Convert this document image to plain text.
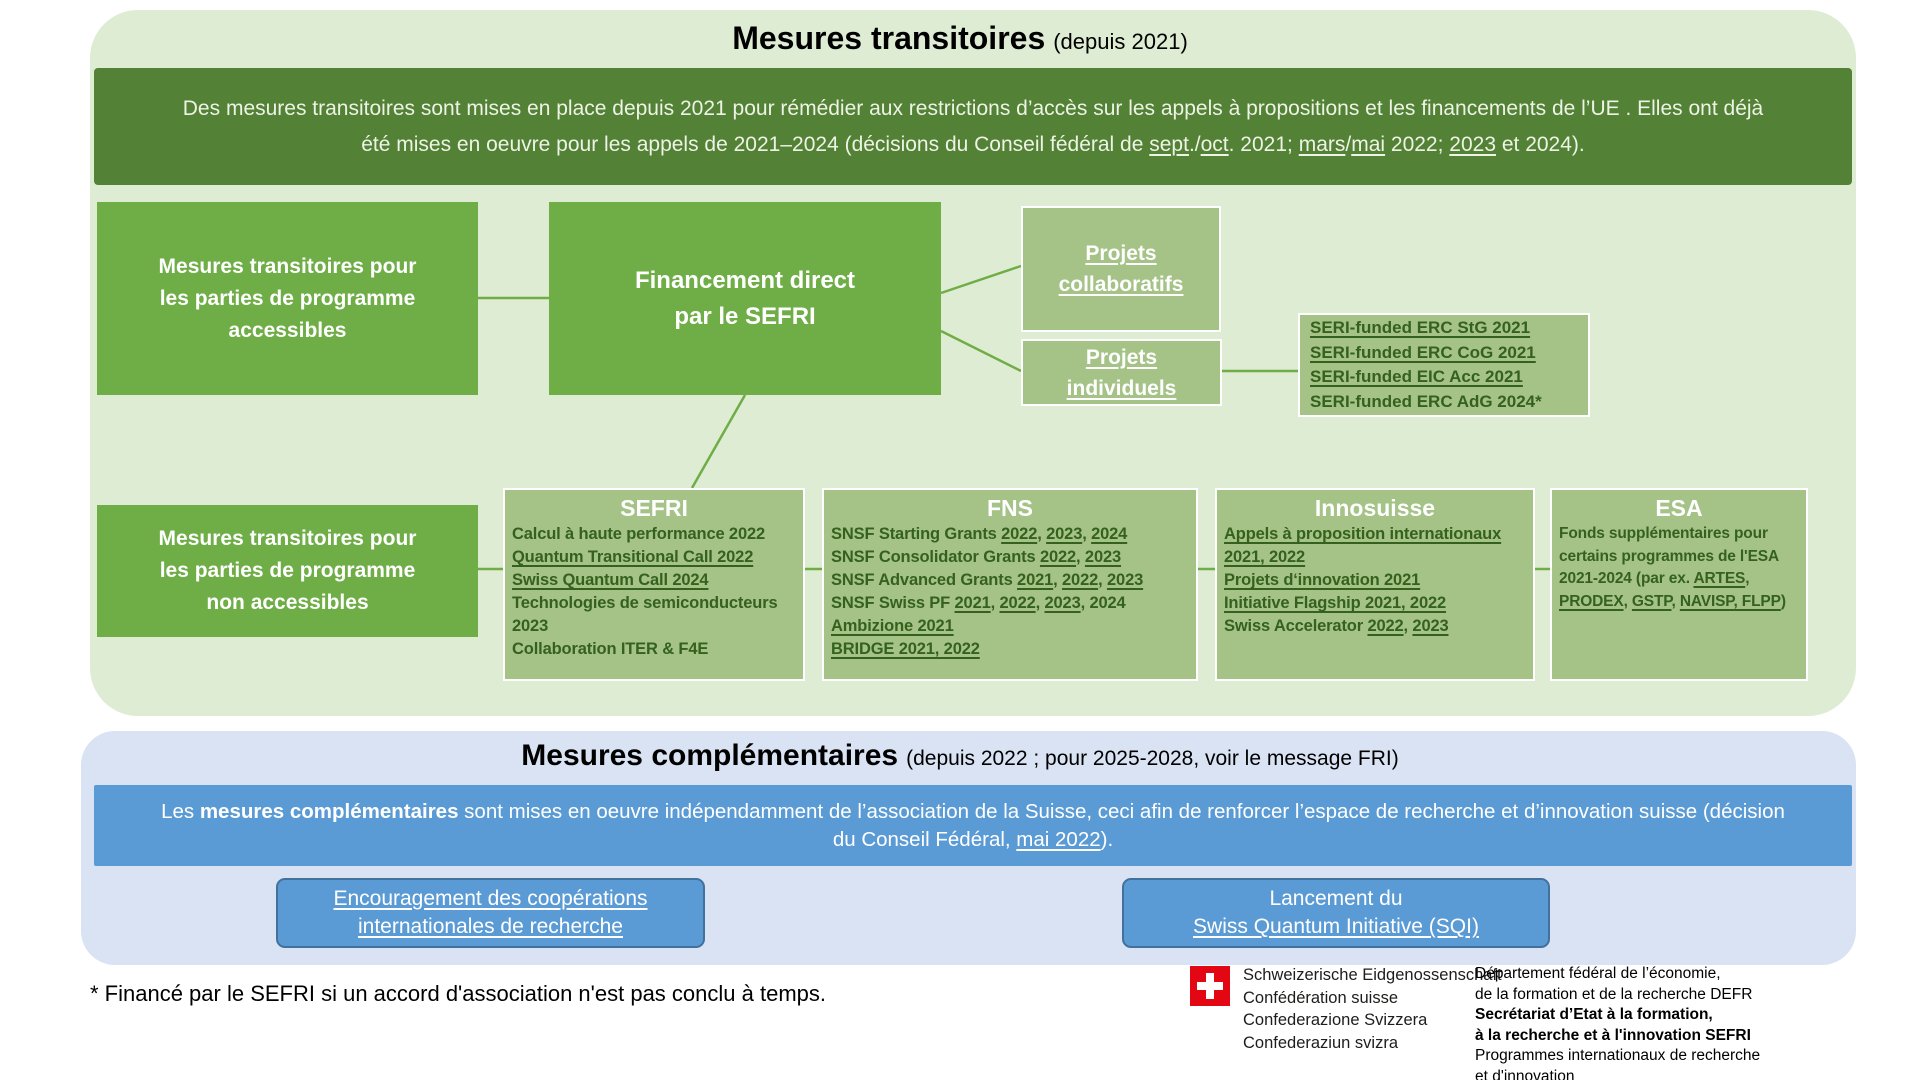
Mesures transitoires (depuis 2021)
Des mesures transitoires sont mises en place depuis 2021 pour rémédier aux restrictions d’accès sur les appels à propositions et les financements de l’UE . Elles ont déjà été mises en oeuvre pour les appels de 2021–2024 (décisions du Conseil fédéral de sept./oct. 2021; mars/mai 2022; 2023 et 2024).
Mesures transitoires pour
les parties de programme
accessibles
Financement direct
par le SEFRI
Mesures transitoires pour
les parties de programme
non accessibles
Projets
collaboratifs
Projets
individuels
SERI-funded ERC StG 2021
SERI-funded ERC CoG 2021
SERI-funded EIC Acc 2021
SERI-funded ERC AdG 2024*
SEFRI
Calcul à haute performance 2022
Quantum Transitional Call 2022
Swiss Quantum Call 2024
Technologies de semiconducteurs 2023
Collaboration ITER & F4E
FNS
SNSF Starting Grants 2022, 2023, 2024
SNSF Consolidator Grants 2022, 2023
SNSF Advanced Grants 2021, 2022, 2023
SNSF Swiss PF 2021, 2022, 2023, 2024
Ambizione 2021
BRIDGE 2021, 2022
Innosuisse
Appels à proposition internationaux 2021, 2022
Projets d‘innovation 2021
Initiative Flagship 2021, 2022
Swiss Accelerator 2022, 2023
ESA
Fonds supplémentaires pour certains programmes de l'ESA 2021-2024 (par ex. ARTES, PRODEX, GSTP, NAVISP, FLPP)
Mesures complémentaires (depuis 2022 ; pour 2025-2028, voir le message FRI)
Les mesures complémentaires sont mises en oeuvre indépendamment de l’association de la Suisse, ceci afin de renforcer l’espace de recherche et d’innovation suisse (décision du Conseil Fédéral, mai 2022).
Encouragement des coopérations
internationales de recherche
Lancement du
Swiss Quantum Initiative (SQI)
* Financé par le SEFRI si un accord d'association n'est pas conclu à temps.
Schweizerische Eidgenossenschaft
Confédération suisse
Confederazione Svizzera
Confederaziun svizra
Département fédéral de l’économie,
de la formation et de la recherche DEFR
Secrétariat d’Etat à la formation,
à la recherche et à l'innovation SEFRI
Programmes internationaux de recherche
et d'innovation
